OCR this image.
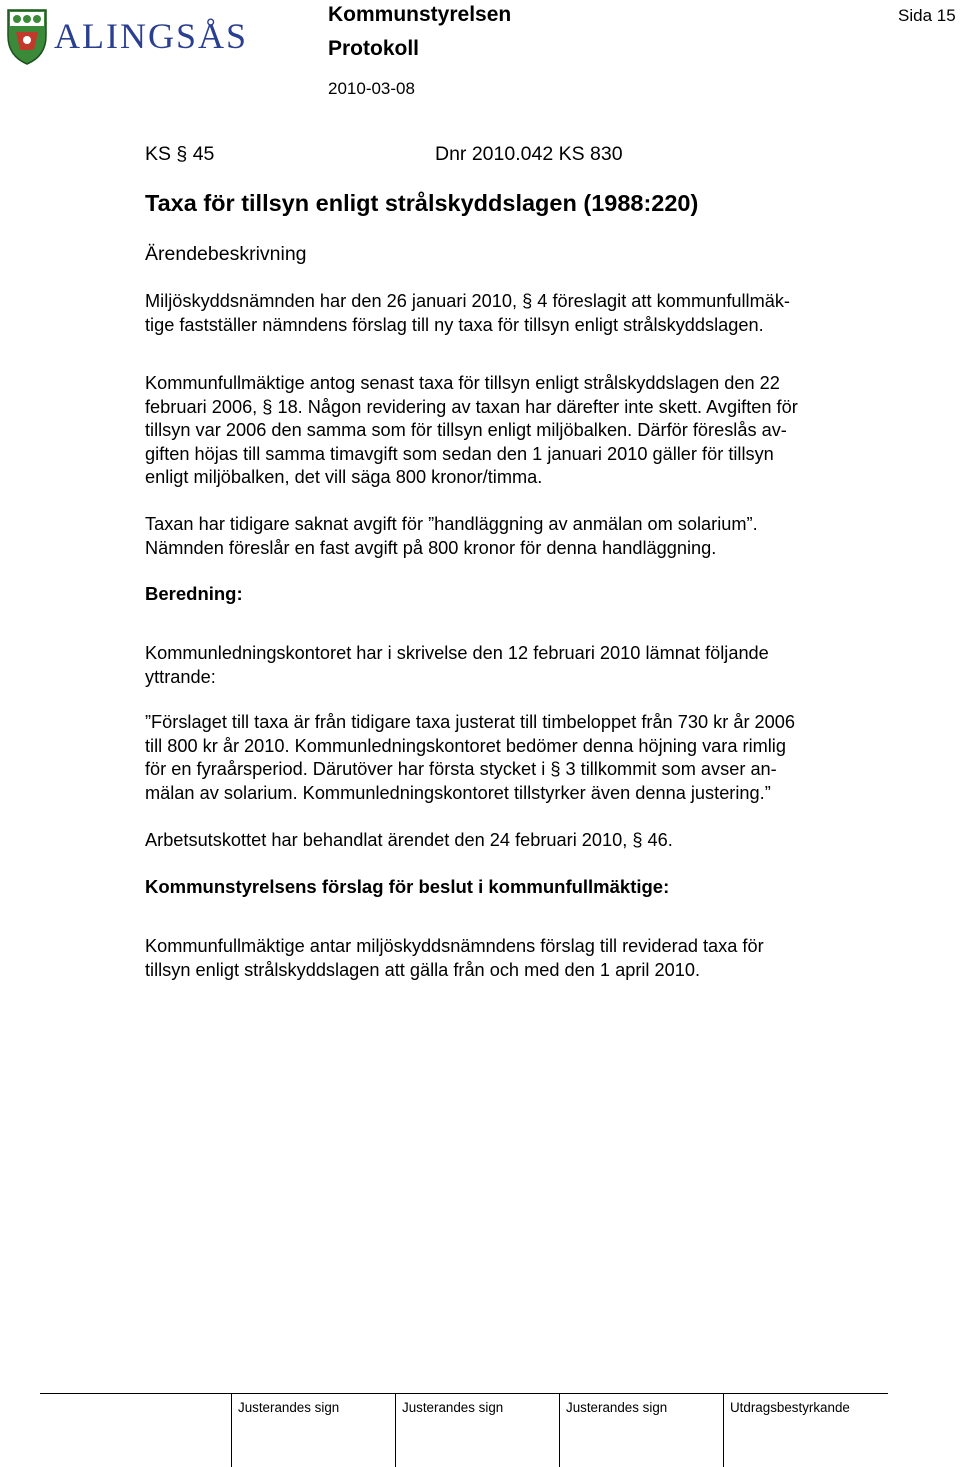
ALINGSÅS
Kommunstyrelsen
Protokoll
2010-03-08
Sida 15
KS § 45	Dnr 2010.042 KS 830
Taxa för tillsyn enligt strålskyddslagen (1988:220)
Ärendebeskrivning
Miljöskyddsnämnden har den 26 januari 2010, § 4 föreslagit att kommunfullmäk-
tige fastställer nämndens förslag till ny taxa för tillsyn enligt strålskyddslagen.
Kommunfullmäktige antog senast taxa för tillsyn enligt strålskyddslagen den 22
februari 2006, § 18. Någon revidering av taxan har därefter inte skett. Avgiften för
tillsyn var 2006 den samma som för tillsyn enligt miljöbalken. Därför föreslås av-
giften höjas till samma timavgift som sedan den 1 januari 2010 gäller för tillsyn
enligt miljöbalken, det vill säga 800 kronor/timma.
Taxan har tidigare saknat avgift för ”handläggning av anmälan om solarium”.
Nämnden föreslår en fast avgift på 800 kronor för denna handläggning.
Beredning:
Kommunledningskontoret har i skrivelse den 12 februari 2010 lämnat följande
yttrande:
”Förslaget till taxa är från tidigare taxa justerat till timbeloppet från 730 kr år 2006
till 800 kr år 2010. Kommunledningskontoret bedömer denna höjning vara rimlig
för en fyraårsperiod. Därutöver har första stycket i § 3 tillkommit som avser an-
mälan av solarium. Kommunledningskontoret tillstyrker även denna justering.”
Arbetsutskottet har behandlat ärendet den 24 februari 2010, § 46.
Kommunstyrelsens förslag för beslut i kommunfullmäktige:
Kommunfullmäktige antar miljöskyddsnämndens förslag till reviderad taxa för
tillsyn enligt strålskyddslagen att gälla från och med den 1 april 2010.
Justerandes sign	Justerandes sign	Justerandes sign	Utdragsbestyrkande
